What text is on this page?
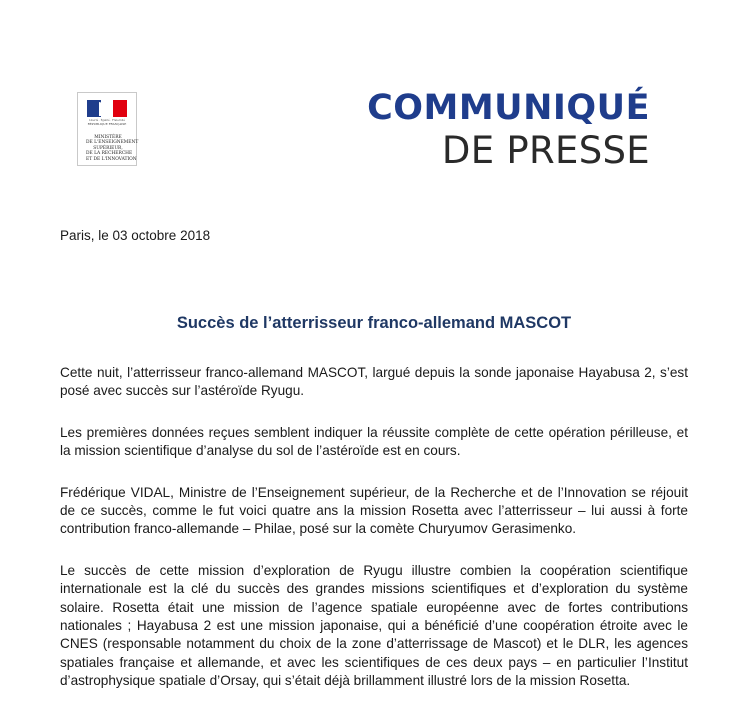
Liberté · Égalité · Fraternité
RÉPUBLIQUE FRANÇAISE
MINISTÈRE
DE L'ENSEIGNEMENT
SUPÉRIEUR,
DE LA RECHERCHE
ET DE L'INNOVATION
COMMUNIQUÉ
DE PRESSE
Paris, le 03 octobre 2018
Succès de l’atterrisseur franco-allemand MASCOT

Cette nuit, l’atterrisseur franco-allemand MASCOT, largué depuis la sonde japonaise Hayabusa 2, s’est posé avec succès sur l’astéroïde Ryugu.

Les premières données reçues semblent indiquer la réussite complète de cette opération périlleuse, et la mission scientifique d’analyse du sol de l’astéroïde est en cours.

Frédérique VIDAL, Ministre de l’Enseignement supérieur, de la Recherche et de l’Innovation se réjouit de ce succès, comme le fut voici quatre ans la mission Rosetta avec l’atterrisseur – lui aussi à forte contribution franco-allemande – Philae, posé sur la comète Churyumov Gerasimenko.

Le succès de cette mission d’exploration de Ryugu illustre combien la coopération scientifique internationale est la clé du succès des grandes missions scientifiques et d’exploration du système solaire. Rosetta était une mission de l’agence spatiale européenne avec de fortes contributions nationales ; Hayabusa 2 est une mission japonaise, qui a bénéficié d’une coopération étroite avec le CNES (responsable notamment du choix de la zone d’atterrissage de Mascot) et le DLR, les agences spatiales française et allemande, et avec les scientifiques de ces deux pays – en particulier l’Institut d’astrophysique spatiale d’Orsay, qui s’était déjà brillamment illustré lors de la mission Rosetta.
